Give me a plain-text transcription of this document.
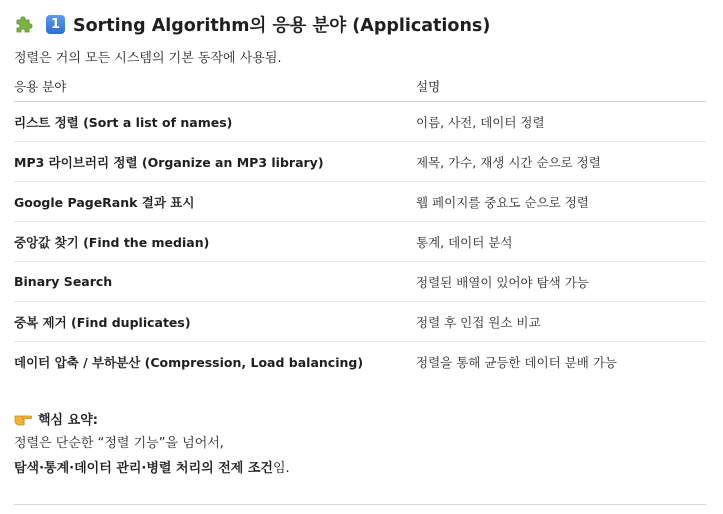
1 Sorting Algorithm의 응용 분야 (Applications)
정렬은 거의 모든 시스템의 기본 동작에 사용됨.
응용 분야	설명
리스트 정렬 (Sort a list of names)	이름, 사전, 데이터 정렬
MP3 라이브러리 정렬 (Organize an MP3 library)	제목, 가수, 재생 시간 순으로 정렬
Google PageRank 결과 표시	웹 페이지를 중요도 순으로 정렬
중앙값 찾기 (Find the median)	통계, 데이터 분석
Binary Search	정렬된 배열이 있어야 탐색 가능
중복 제거 (Find duplicates)	정렬 후 인접 원소 비교
데이터 압축 / 부하분산 (Compression, Load balancing)	정렬을 통해 균등한 데이터 분배 가능
핵심 요약:
정렬은 단순한 “정렬 기능”을 넘어서,
탐색·통계·데이터 관리·병렬 처리의 전제 조건임.
